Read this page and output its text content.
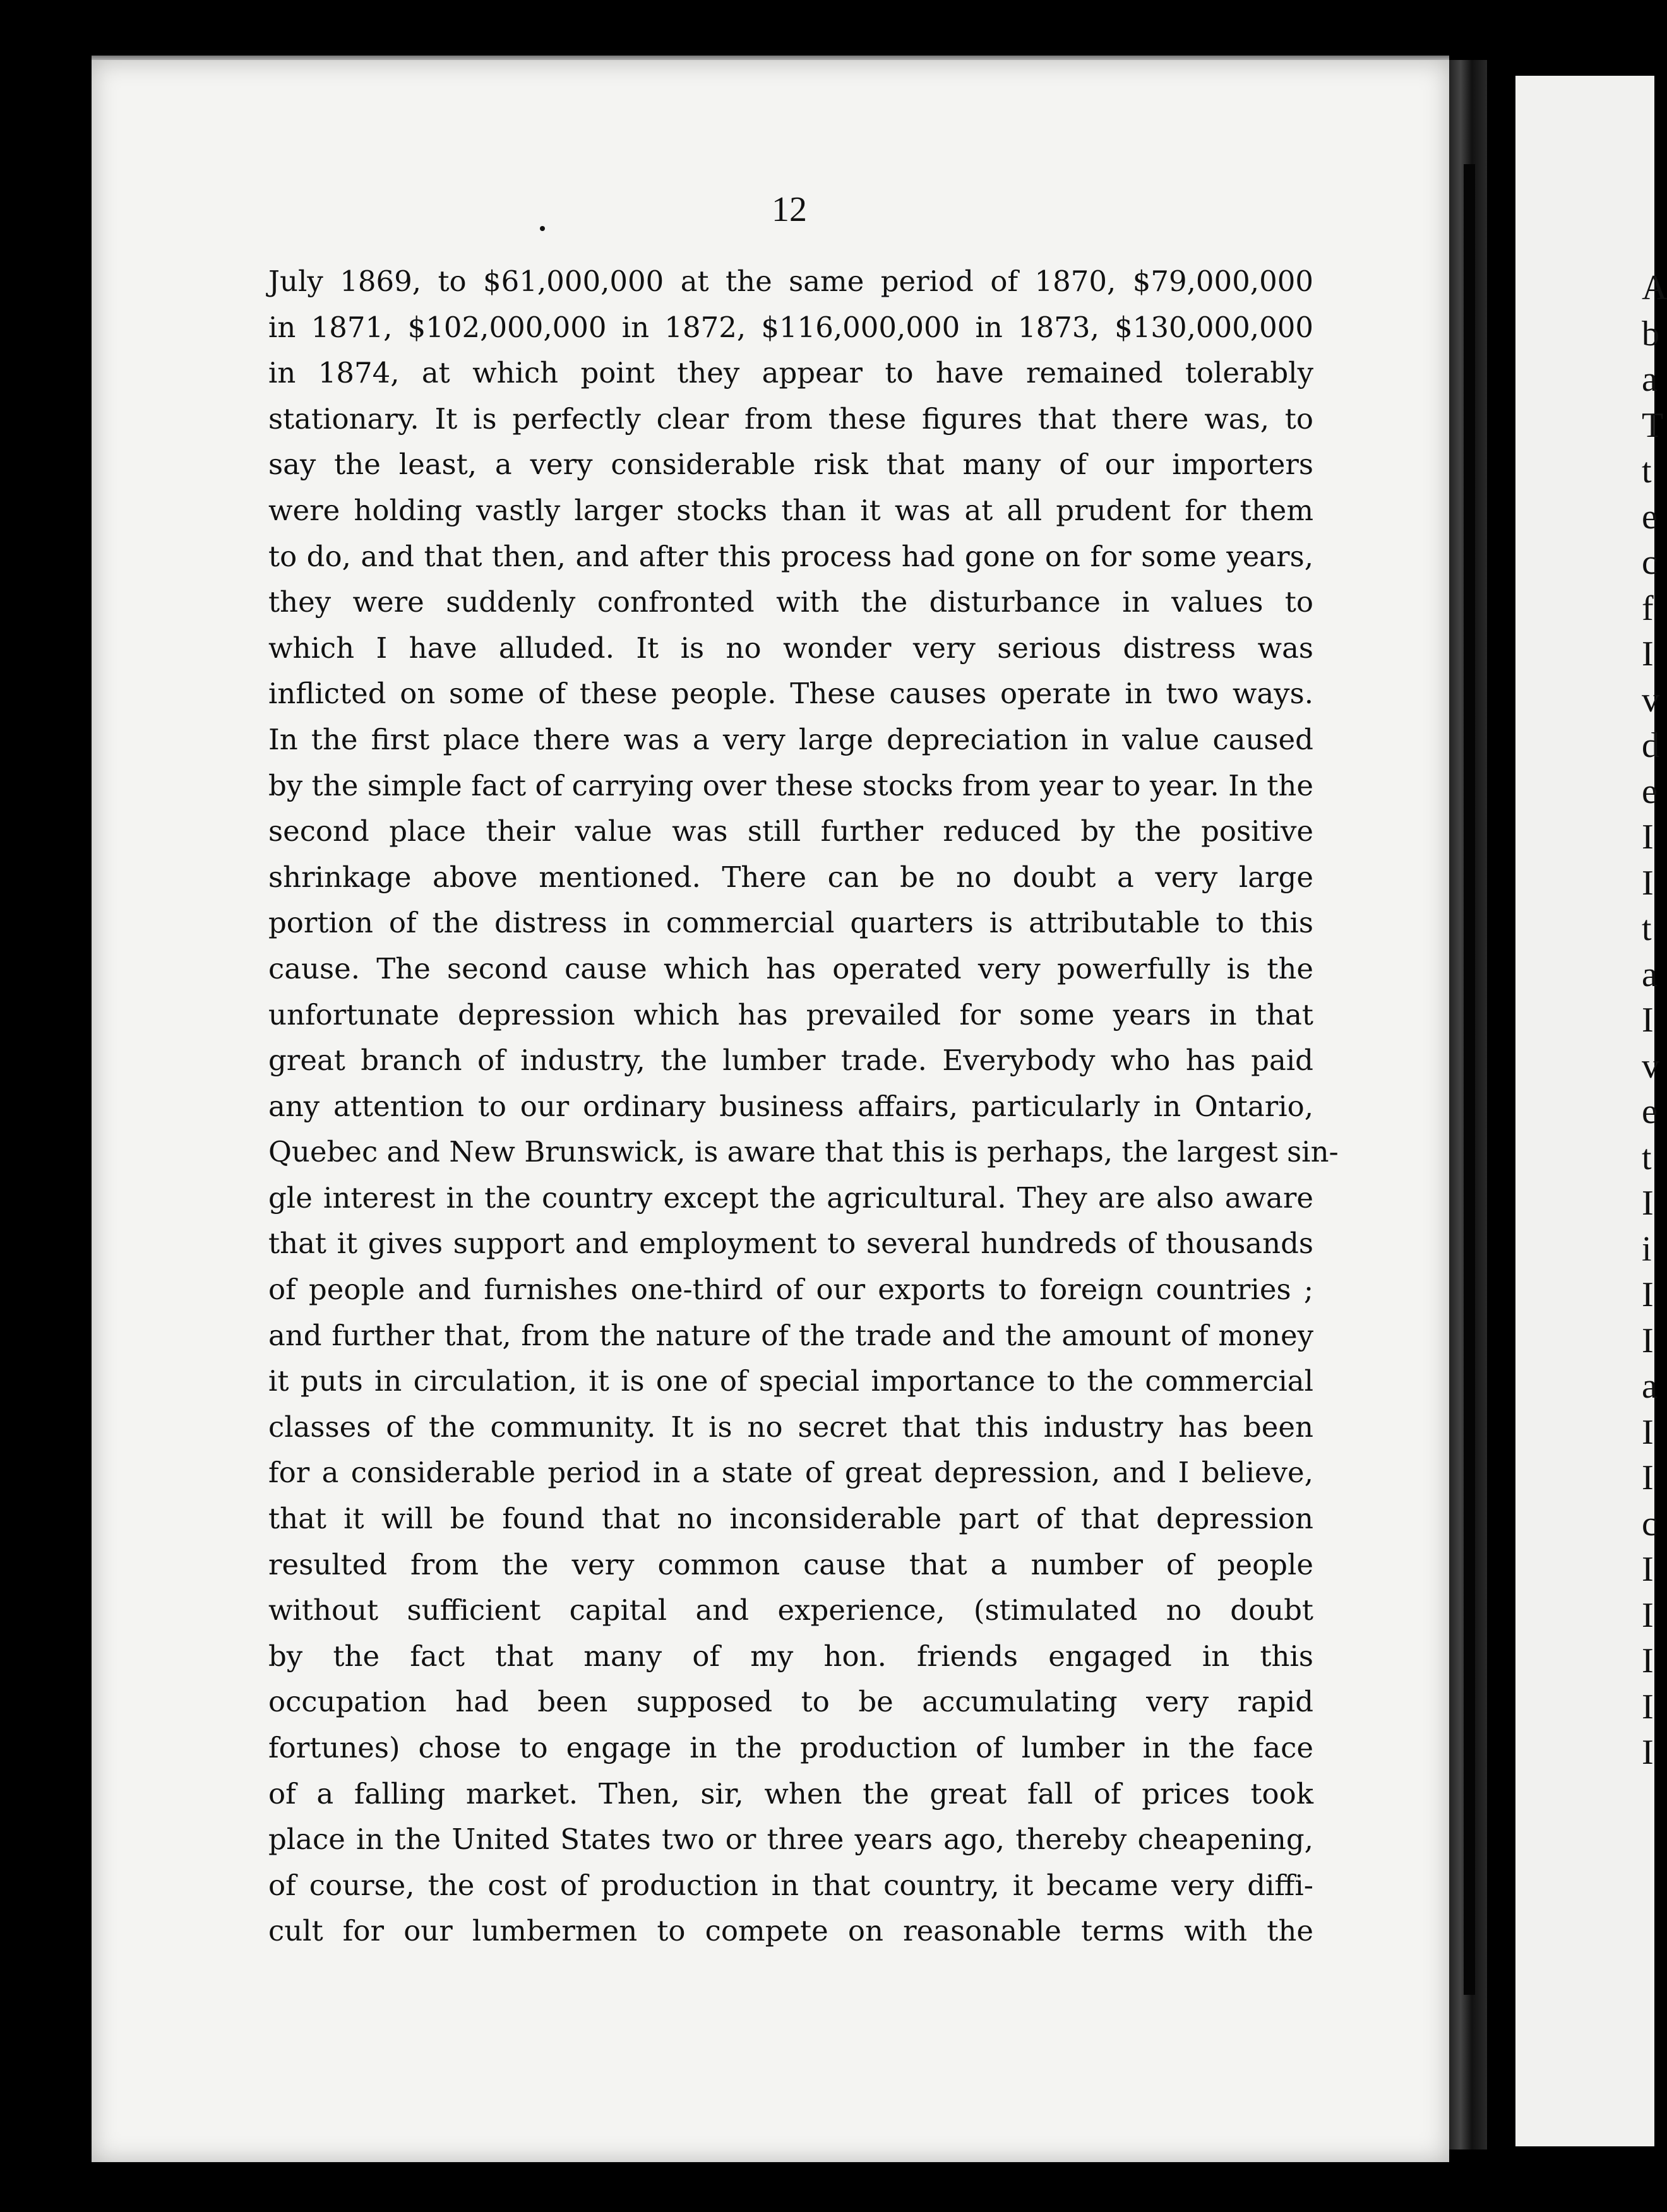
A
b
a
T
t
e
c
f
I
v
d
e
I
I
t
a
I
v
e
t
I
i
I
I
a
I
I
c
I
I
I
I
I
12
July 1869, to $61,000,000 at the same period of 1870, $79,000,000
in 1871, $102,000,000 in 1872, $116,000,000 in 1873, $130,000,000
in 1874, at which point they appear to have remained tolerably
stationary. It is perfectly clear from these figures that there was, to
say the least, a very considerable risk that many of our importers
were holding vastly larger stocks than it was at all prudent for them
to do, and that then, and after this process had gone on for some years,
they were suddenly confronted with the disturbance in values to
which I have alluded. It is no wonder very serious distress was
inflicted on some of these people. These causes operate in two ways.
In the first place there was a very large depreciation in value caused
by the simple fact of carrying over these stocks from year to year. In the
second place their value was still further reduced by the positive
shrinkage above mentioned. There can be no doubt a very large
portion of the distress in commercial quarters is attributable to this
cause. The second cause which has operated very powerfully is the
unfortunate depression which has prevailed for some years in that
great branch of industry, the lumber trade. Everybody who has paid
any attention to our ordinary business affairs, particularly in Ontario,
Quebec and New Brunswick, is aware that this is perhaps, the largest sin-
gle interest in the country except the agricultural. They are also aware
that it gives support and employment to several hundreds of thousands
of people and furnishes one-third of our exports to foreign countries ;
and further that, from the nature of the trade and the amount of money
it puts in circulation, it is one of special importance to the commercial
classes of the community. It is no secret that this industry has been
for a considerable period in a state of great depression, and I believe,
that it will be found that no inconsiderable part of that depression
resulted from the very common cause that a number of people
without sufficient capital and experience, (stimulated no doubt
by the fact that many of my hon. friends engaged in this
occupation had been supposed to be accumulating very rapid
fortunes) chose to engage in the production of lumber in the face
of a falling market. Then, sir, when the great fall of prices took
place in the United States two or three years ago, thereby cheapening,
of course, the cost of production in that country, it became very diffi-
cult for our lumbermen to compete on reasonable terms with the
